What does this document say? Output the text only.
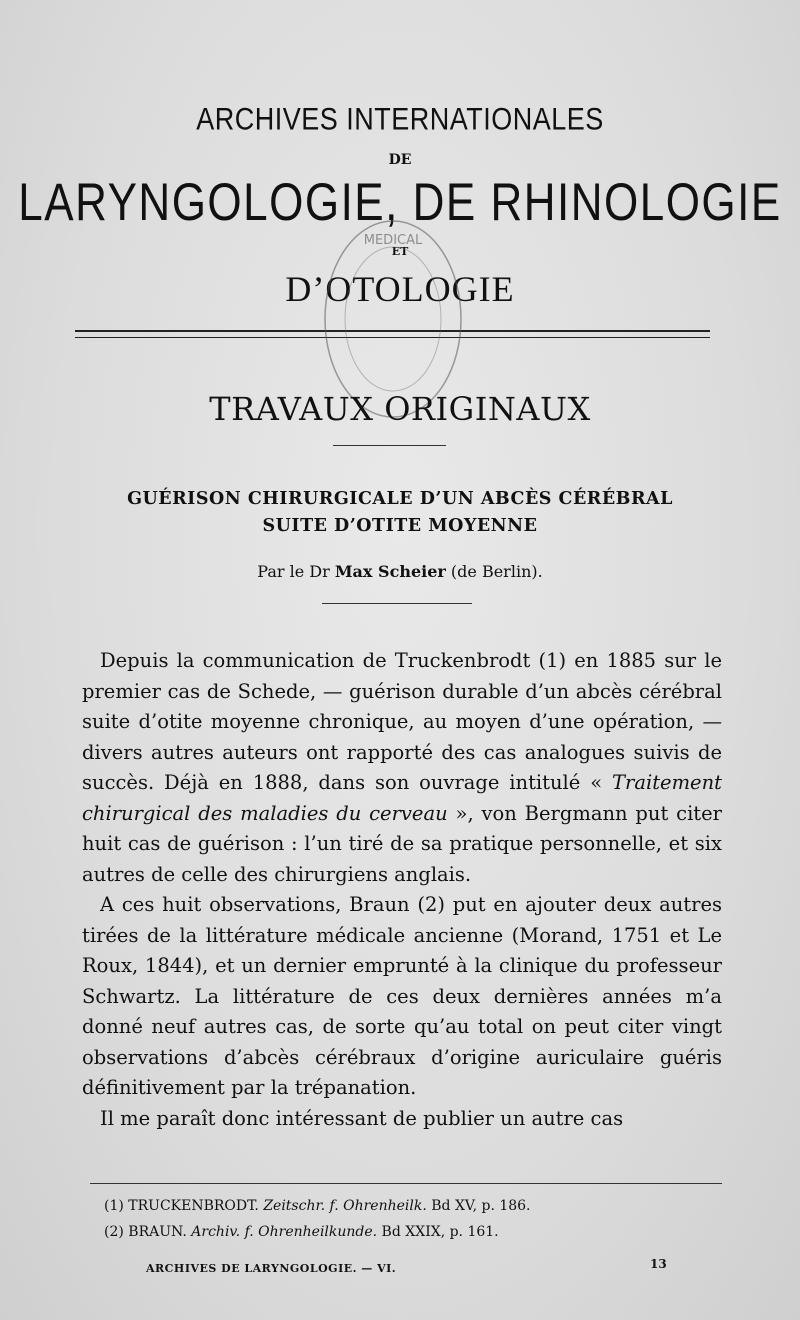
ARCHIVES INTERNATIONALES
DE
LARYNGOLOGIE, DE RHINOLOGIE
ET
D’OTOLOGIE
MEDICAL
TRAVAUX ORIGINAUX
GUÉRISON CHIRURGICALE D’UN ABCÈS CÉRÉBRAL
SUITE D’OTITE MOYENNE
Par le Dr Max Scheier (de Berlin).

Depuis la communication de Truckenbrodt (1) en 1885 sur le premier cas de Schede, — guérison durable d’un abcès cérébral suite d’otite moyenne chronique, au moyen d’une opération, — divers autres auteurs ont rapporté des cas analogues suivis de succès. Déjà en 1888, dans son ouvrage intitulé « Traitement chirurgical des maladies du cerveau », von Bergmann put citer huit cas de guérison : l’un tiré de sa pratique personnelle, et six autres de celle des chirurgiens anglais.

A ces huit observations, Braun (2) put en ajouter deux autres tirées de la littérature médicale ancienne (Morand, 1751 et Le Roux, 1844), et un dernier emprunté à la clinique du professeur Schwartz. La littérature de ces deux dernières années m’a donné neuf autres cas, de sorte qu’au total on peut citer vingt observations d’abcès cérébraux d’origine auriculaire guéris définitivement par la trépanation.

Il me paraît donc intéressant de publier un autre cas

(1) TRUCKENBRODT. Zeitschr. f. Ohrenheilk. Bd XV, p. 186.
(2) BRAUN. Archiv. f. Ohrenheilkunde. Bd XXIX, p. 161.
ARCHIVES DE LARYNGOLOGIE. — VI.	13
